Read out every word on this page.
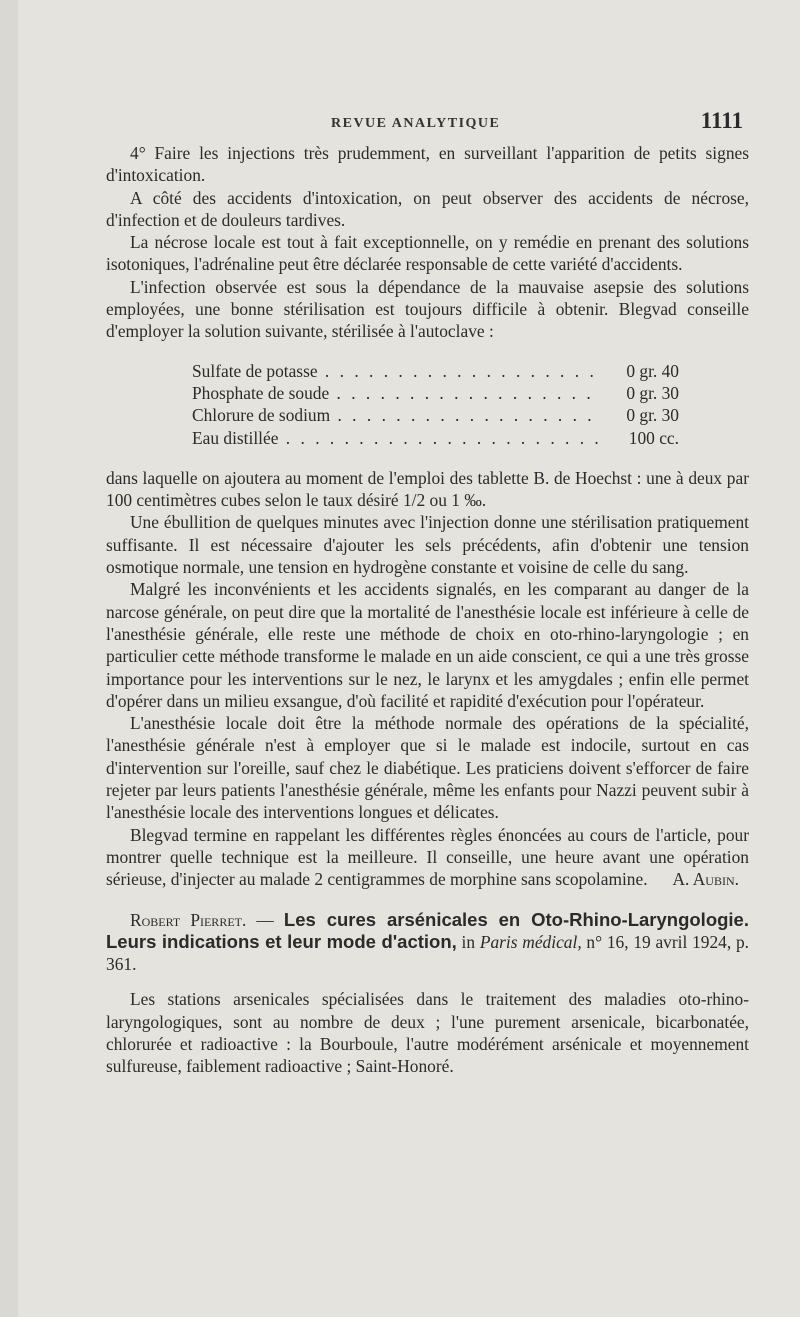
REVUE ANALYTIQUE	1111

4° Faire les injections très prudemment, en surveillant l'apparition de petits signes d'intoxication.

A côté des accidents d'intoxication, on peut observer des accidents de nécrose, d'infection et de douleurs tardives.

La nécrose locale est tout à fait exceptionnelle, on y remédie en prenant des solutions isotoniques, l'adrénaline peut être déclarée responsable de cette variété d'accidents.

L'infection observée est sous la dépendance de la mauvaise asepsie des solutions employées, une bonne stérilisation est toujours difficile à obtenir. Blegvad conseille d'employer la solution suivante, stérilisée à l'autoclave :

Sulfate de potasse . . .	0 gr. 40
Phosphate de soude . . .	0 gr. 30
Chlorure de sodium . . .	0 gr. 30
Eau distillée . . .	100 cc.

dans laquelle on ajoutera au moment de l'emploi des tablette B. de Hoechst : une à deux par 100 centimètres cubes selon le taux désiré 1/2 ou 1 ‰.

Une ébullition de quelques minutes avec l'injection donne une stérilisation pratiquement suffisante. Il est nécessaire d'ajouter les sels précédents, afin d'obtenir une tension osmotique normale, une tension en hydrogène constante et voisine de celle du sang.

Malgré les inconvénients et les accidents signalés, en les comparant au danger de la narcose générale, on peut dire que la mortalité de l'anesthésie locale est inférieure à celle de l'anesthésie générale, elle reste une méthode de choix en oto-rhino-laryngologie ; en particulier cette méthode transforme le malade en un aide conscient, ce qui a une très grosse importance pour les interventions sur le nez, le larynx et les amygdales ; enfin elle permet d'opérer dans un milieu exsangue, d'où facilité et rapidité d'exécution pour l'opérateur.

L'anesthésie locale doit être la méthode normale des opérations de la spécialité, l'anesthésie générale n'est à employer que si le malade est indocile, surtout en cas d'intervention sur l'oreille, sauf chez le diabétique. Les praticiens doivent s'efforcer de faire rejeter par leurs patients l'anesthésie générale, même les enfants pour Nazzi peuvent subir à l'anesthésie locale des interventions longues et délicates.

Blegvad termine en rappelant les différentes règles énoncées au cours de l'article, pour montrer quelle technique est la meilleure. Il conseille, une heure avant une opération sérieuse, d'injecter au malade 2 centigrammes de morphine sans scopolamine.	A. Aubin.

Robert Pierret. — Les cures arsénicales en Oto-Rhino-Laryngologie. Leurs indications et leur mode d'action, in Paris médical, n° 16, 19 avril 1924, p. 361.

Les stations arsenicales spécialisées dans le traitement des maladies oto-rhino-laryngologiques, sont au nombre de deux ; l'une purement arsenicale, bicarbonatée, chlorurée et radioactive : la Bourboule, l'autre modérément arsénicale et moyennement sulfureuse, faiblement radioactive ; Saint-Honoré.
